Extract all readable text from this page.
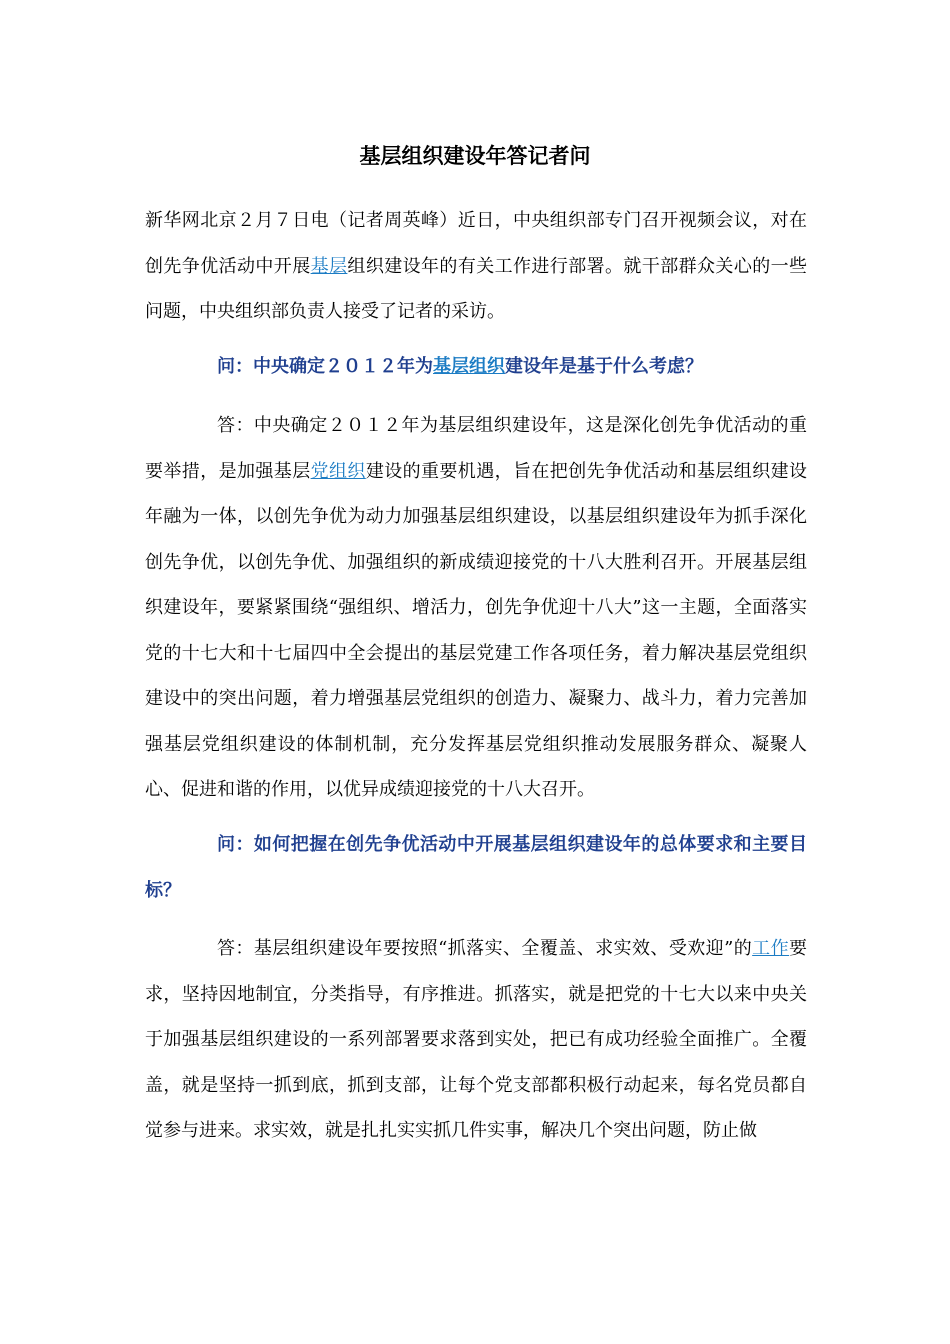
基层组织建设年答记者问

新华网北京２月７日电（记者周英峰）近日，中央组织部专门召开视频会议，对在创先争优活动中开展基层组织建设年的有关工作进行部署。就干部群众关心的一些问题，中央组织部负责人接受了记者的采访。

问：中央确定２０１２年为基层组织建设年是基于什么考虑？

答：中央确定２０１２年为基层组织建设年，这是深化创先争优活动的重要举措，是加强基层党组织建设的重要机遇，旨在把创先争优活动和基层组织建设年融为一体，以创先争优为动力加强基层组织建设，以基层组织建设年为抓手深化创先争优，以创先争优、加强组织的新成绩迎接党的十八大胜利召开。开展基层组织建设年，要紧紧围绕“强组织、增活力，创先争优迎十八大”这一主题，全面落实党的十七大和十七届四中全会提出的基层党建工作各项任务，着力解决基层党组织建设中的突出问题，着力增强基层党组织的创造力、凝聚力、战斗力，着力完善加强基层党组织建设的体制机制，充分发挥基层党组织推动发展服务群众、凝聚人心、促进和谐的作用，以优异成绩迎接党的十八大召开。

问：如何把握在创先争优活动中开展基层组织建设年的总体要求和主要目标？

答：基层组织建设年要按照“抓落实、全覆盖、求实效、受欢迎”的工作要求，坚持因地制宜，分类指导，有序推进。抓落实，就是把党的十七大以来中央关于加强基层组织建设的一系列部署要求落到实处，把已有成功经验全面推广。全覆盖，就是坚持一抓到底，抓到支部，让每个党支部都积极行动起来，每名党员都自觉参与进来。求实效，就是扎扎实实抓几件实事，解决几个突出问题，防止做
